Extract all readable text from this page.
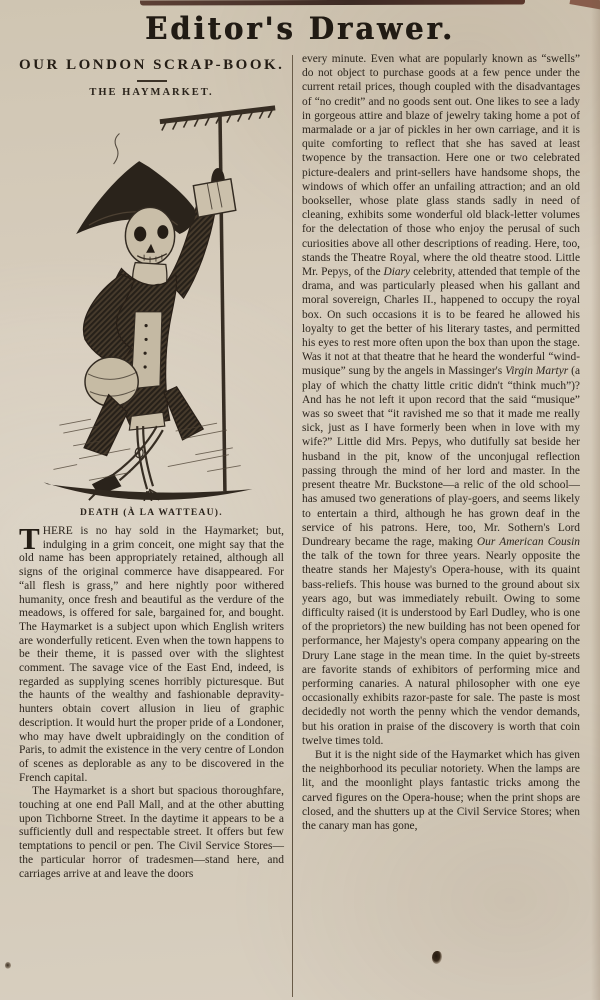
Editor's Drawer.
OUR LONDON SCRAP-BOOK.
THE HAYMARKET.
DEATH (À LA WATTEAU).

THERE is no hay sold in the Haymarket; but, indulging in a grim conceit, one might say that the old name has been appropriately retained, although all signs of the original commerce have disappeared. For “all flesh is grass,” and here nightly poor withered humanity, once fresh and beautiful as the verdure of the meadows, is offered for sale, bargained for, and bought. The Haymarket is a subject upon which English writers are wonderfully reticent. Even when the town happens to be their theme, it is passed over with the slightest comment. The savage vice of the East End, indeed, is regarded as supplying scenes horribly picturesque. But the haunts of the wealthy and fashionable depravity-hunters obtain covert allusion in lieu of graphic description. It would hurt the proper pride of a Londoner, who may have dwelt upbraidingly on the condition of Paris, to admit the existence in the very centre of London of scenes as deplorable as any to be discovered in the French capital.

The Haymarket is a short but spacious thoroughfare, touching at one end Pall Mall, and at the other abutting upon Tichborne Street. In the daytime it appears to be a sufficiently dull and respectable street. It offers but few temptations to pencil or pen. The Civil Service Stores—the particular horror of tradesmen—stand here, and carriages arrive at and leave the doors

every minute. Even what are popularly known as “swells” do not object to purchase goods at a few pence under the current retail prices, though coupled with the disadvantages of “no credit” and no goods sent out. One likes to see a lady in gorgeous attire and blaze of jewelry taking home a pot of marmalade or a jar of pickles in her own carriage, and it is quite comforting to reflect that she has saved at least twopence by the transaction. Here one or two celebrated picture-dealers and print-sellers have handsome shops, the windows of which offer an unfailing attraction; and an old bookseller, whose plate glass stands sadly in need of cleaning, exhibits some wonderful old black-letter volumes for the delectation of those who enjoy the perusal of such curiosities above all other descriptions of reading. Here, too, stands the Theatre Royal, where the old theatre stood. Little Mr. Pepys, of the Diary celebrity, attended that temple of the drama, and was particularly pleased when his gallant and moral sovereign, Charles II., happened to occupy the royal box. On such occasions it is to be feared he allowed his loyalty to get the better of his literary tastes, and permitted his eyes to rest more often upon the box than upon the stage. Was it not at that theatre that he heard the wonderful “wind-musique” sung by the angels in Massinger's Virgin Martyr (a play of which the chatty little critic didn't “think much”)? And has he not left it upon record that the said “musique” was so sweet that “it ravished me so that it made me really sick, just as I have formerly been when in love with my wife?” Little did Mrs. Pepys, who dutifully sat beside her husband in the pit, know of the unconjugal reflection passing through the mind of her lord and master. In the present theatre Mr. Buckstone—a relic of the old school—has amused two generations of play-goers, and seems likely to entertain a third, although he has grown deaf in the service of his patrons. Here, too, Mr. Sothern's Lord Dundreary became the rage, making Our American Cousin the talk of the town for three years. Nearly opposite the theatre stands her Majesty's Opera-house, with its quaint bass-reliefs. This house was burned to the ground about six years ago, but was immediately rebuilt. Owing to some difficulty raised (it is understood by Earl Dudley, who is one of the proprietors) the new building has not been opened for performance, her Majesty's opera company appearing on the Drury Lane stage in the mean time. In the quiet by-streets are favorite stands of exhibitors of performing mice and performing canaries. A natural philosopher with one eye occasionally exhibits razor-paste for sale. The paste is most decidedly not worth the penny which the vendor demands, but his oration in praise of the discovery is worth that coin twelve times told.

But it is the night side of the Haymarket which has given the neighborhood its peculiar notoriety. When the lamps are lit, and the moonlight plays fantastic tricks among the carved figures on the Opera-house; when the print shops are closed, and the shutters up at the Civil Service Stores; when the canary man has gone,
